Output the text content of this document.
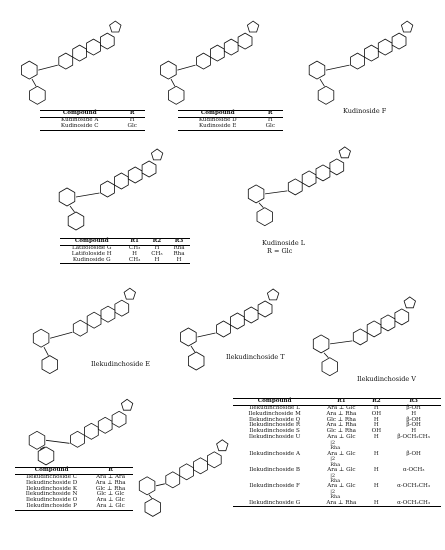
Kudinoside F
Kudinoside L
R = Glc
Ilekudinchoside E
Ilekudinchoside T
Ilekudinchoside V
Compound	R
Kudinoside A	H
Kudinoside C	Glc
Compound	R
Kudinoside D	H
Kudinoside E	Glc
Compound	R1	R2	R3
Latifoloside G	CH₃	H	Rha
Latifoloside H	H	CH₃	Rha
Kudinoside G	CH₃	H	H
Compound	R
Ilekudinchoside C	Ara ⊥ Ara
Ilekudinchoside D	Ara ⊥ Rha
Ilekudinchoside K	Glc ⊥ Rha
Ilekudinchoside N	Glc ⊥ Glc
Ilekudinchoside O	Ara ⊥ Glc
Ilekudinchoside P	Ara ⊥ Glc
Compound	R1	R2	R3
Ilekudinchoside L	Ara ⊥ Glc	H	β-OH
Ilekudinchoside M	Ara ⊥ Rha	OH	H
Ilekudinchoside Q	Glc ⊥ Rha	H	β-OH
Ilekudinchoside R	Ara ⊥ Rha	H	β-OH
Ilekudinchoside S	Glc ⊥ Rha	OH	H
Ilekudinchoside U	Ara ⊥ Glc	H	β-OCH₂CH₃
	|2		
	Rha		
Ilekudinchoside A	Ara ⊥ Glc	H	β-OH
	|2		
	Rha		
Ilekudinchoside B	Ara ⊥ Glc	H	α-OCH₃
	|2		
	Rha		
Ilekudinchoside F	Ara ⊥ Glc	H	α-OCH₂CH₃
	|2		
	Rha		
Ilekudinchoside G	Ara ⊥ Rha	H	α-OCH₂CH₃
